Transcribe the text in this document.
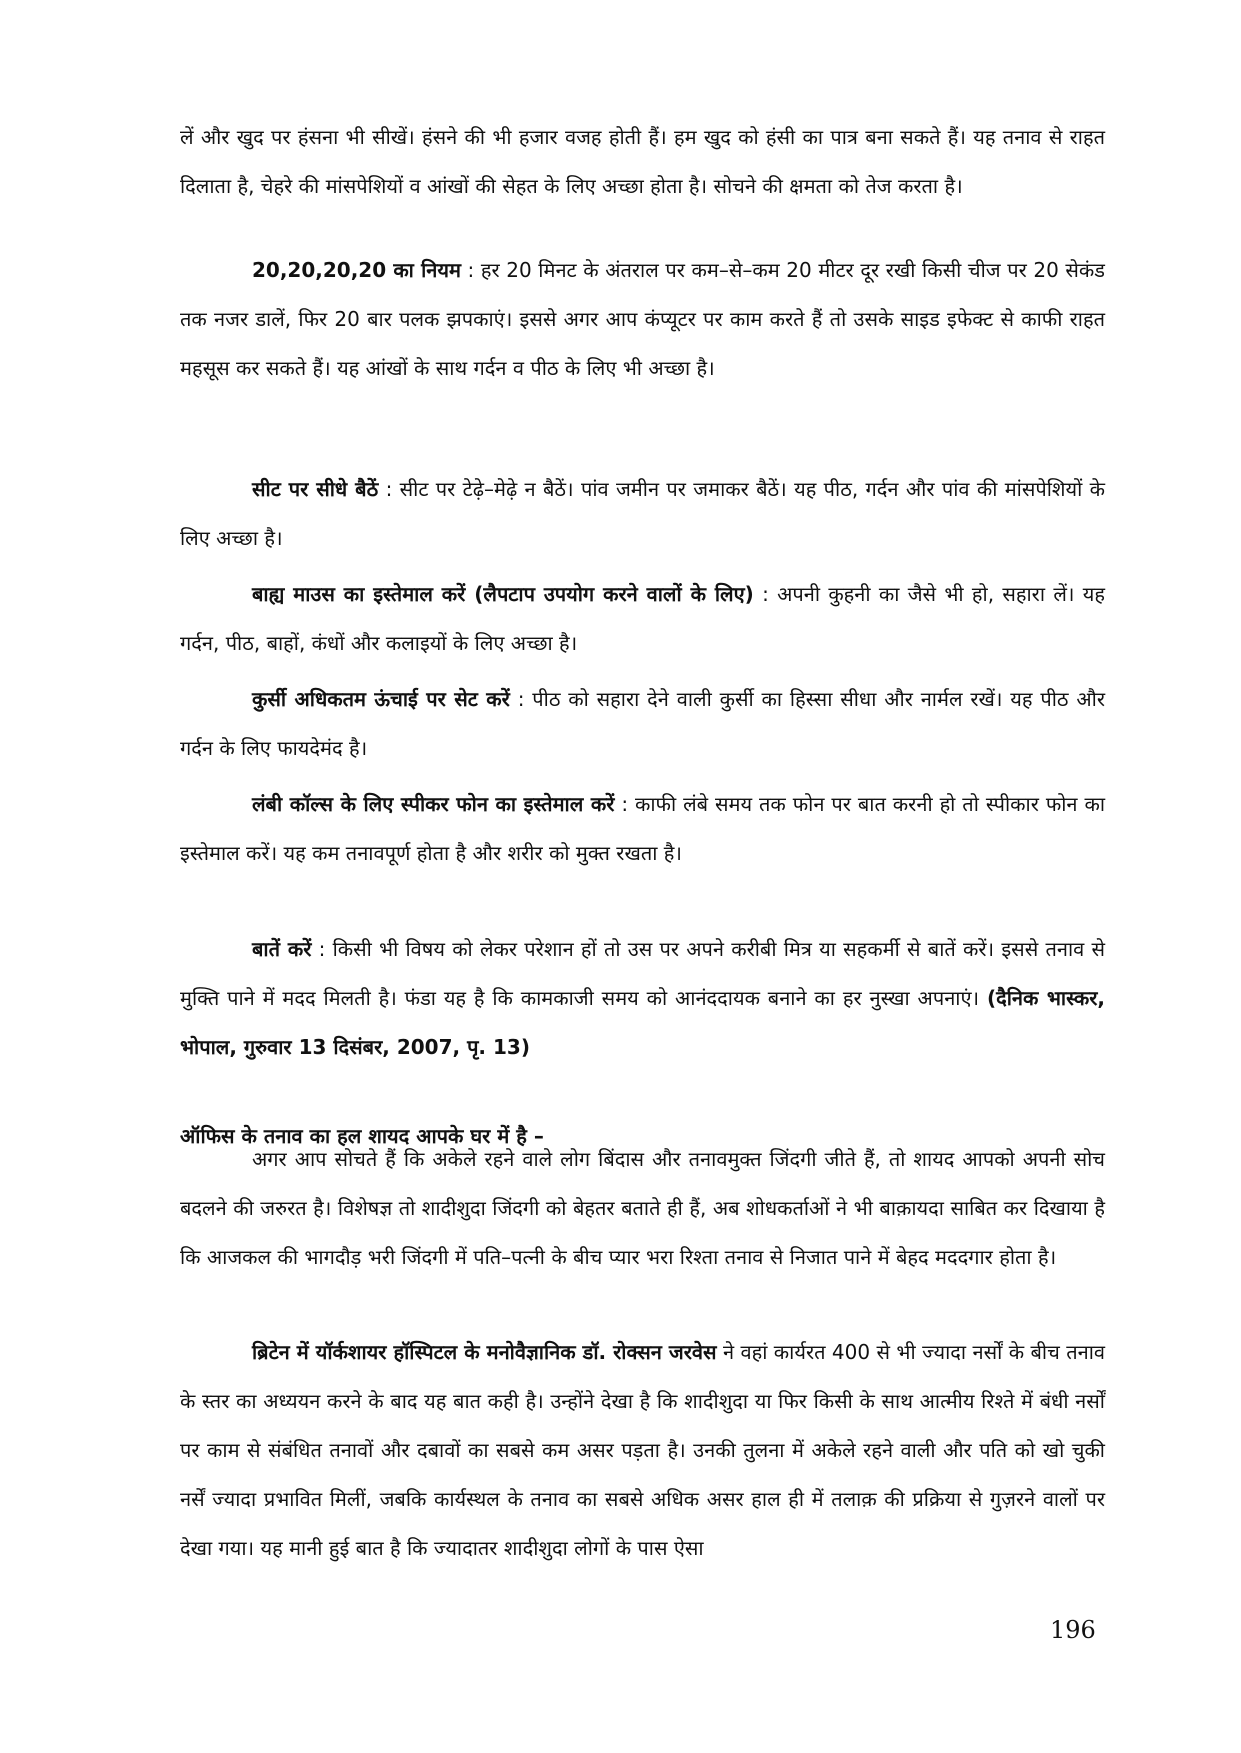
लें और खुद पर हंसना भी सीखें। हंसने की भी हजार वजह होती हैं। हम खुद को हंसी का पात्र बना सकते हैं। यह तनाव से राहत दिलाता है, चेहरे की मांसपेशियों व आंखों की सेहत के लिए अच्छा होता है। सोचने की क्षमता को तेज करता है।

20,20,20,20 का नियम : हर 20 मिनट के अंतराल पर कम–से–कम 20 मीटर दूर रखी किसी चीज पर 20 सेकंड तक नजर डालें, फिर 20 बार पलक झपकाएं। इससे अगर आप कंप्यूटर पर काम करते हैं तो उसके साइड इफेक्ट से काफी राहत महसूस कर सकते हैं। यह आंखों के साथ गर्दन व पीठ के लिए भी अच्छा है।

सीट पर सीधे बैठें : सीट पर टेढ़े–मेढ़े न बैठें। पांव जमीन पर जमाकर बैठें। यह पीठ, गर्दन और पांव की मांसपेशियों के लिए अच्छा है।

बाह्य माउस का इस्तेमाल करें (लैपटाप उपयोग करने वालों के लिए) : अपनी कुहनी का जैसे भी हो, सहारा लें। यह गर्दन, पीठ, बाहों, कंधों और कलाइयों के लिए अच्छा है।

कुर्सी अधिकतम ऊंचाई पर सेट करें : पीठ को सहारा देने वाली कुर्सी का हिस्सा सीधा और नार्मल रखें। यह पीठ और गर्दन के लिए फायदेमंद है।

लंबी कॉल्स के लिए स्पीकर फोन का इस्तेमाल करें : काफी लंबे समय तक फोन पर बात करनी हो तो स्पीकार फोन का इस्तेमाल करें। यह कम तनावपूर्ण होता है और शरीर को मुक्त रखता है।

बातें करें : किसी भी विषय को लेकर परेशान हों तो उस पर अपने करीबी मित्र या सहकर्मी से बातें करें। इससे तनाव से मुक्ति पाने में मदद मिलती है। फंडा यह है कि कामकाजी समय को आनंददायक बनाने का हर नुस्खा अपनाएं। (दैनिक भास्कर, भोपाल, गुरुवार 13 दिसंबर, 2007, पृ. 13)

ऑफिस के तनाव का हल शायद आपके घर में है –

अगर आप सोचते हैं कि अकेले रहने वाले लोग बिंदास और तनावमुक्त जिंदगी जीते हैं, तो शायद आपको अपनी सोच बदलने की जरुरत है। विशेषज्ञ तो शादीशुदा जिंदगी को बेहतर बताते ही हैं, अब शोधकर्ताओं ने भी बाक़ायदा साबित कर दिखाया है कि आजकल की भागदौड़ भरी जिंदगी में पति–पत्नी के बीच प्यार भरा रिश्ता तनाव से निजात पाने में बेहद मददगार होता है।

ब्रिटेन में यॉर्कशायर हॉस्पिटल के मनोवैज्ञानिक डॉ. रोक्सन जरवेस ने वहां कार्यरत 400 से भी ज्यादा नर्सों के बीच तनाव के स्तर का अध्ययन करने के बाद यह बात कही है। उन्होंने देखा है कि शादीशुदा या फिर किसी के साथ आत्मीय रिश्ते में बंधी नर्सों पर काम से संबंधित तनावों और दबावों का सबसे कम असर पड़ता है। उनकी तुलना में अकेले रहने वाली और पति को खो चुकी नर्सें ज्यादा प्रभावित मिलीं, जबकि कार्यस्थल के तनाव का सबसे अधिक असर हाल ही में तलाक़ की प्रक्रिया से गुज़रने वालों पर देखा गया। यह मानी हुई बात है कि ज्यादातर शादीशुदा लोगों के पास ऐसा

196
